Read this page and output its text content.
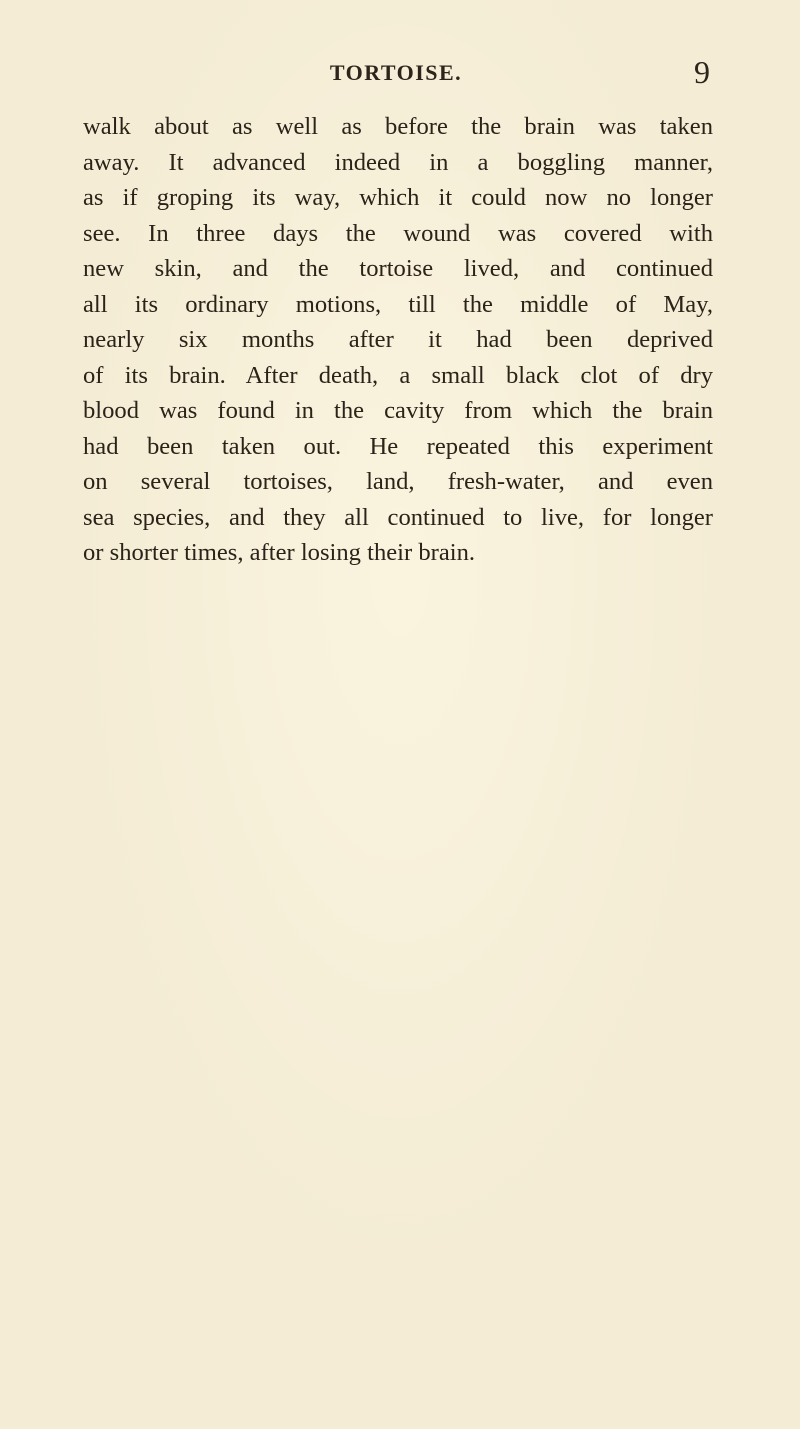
TORTOISE.	9
walk about as well as before the brain was taken
away. It advanced indeed in a boggling manner,
as if groping its way, which it could now no longer
see. In three days the wound was covered with
new skin, and the tortoise lived, and continued
all its ordinary motions, till the middle of May,
nearly six months after it had been deprived
of its brain. After death, a small black clot of dry
blood was found in the cavity from which the brain
had been taken out. He repeated this experiment
on several tortoises, land, fresh-water, and even
sea species, and they all continued to live, for longer
or shorter times, after losing their brain.
